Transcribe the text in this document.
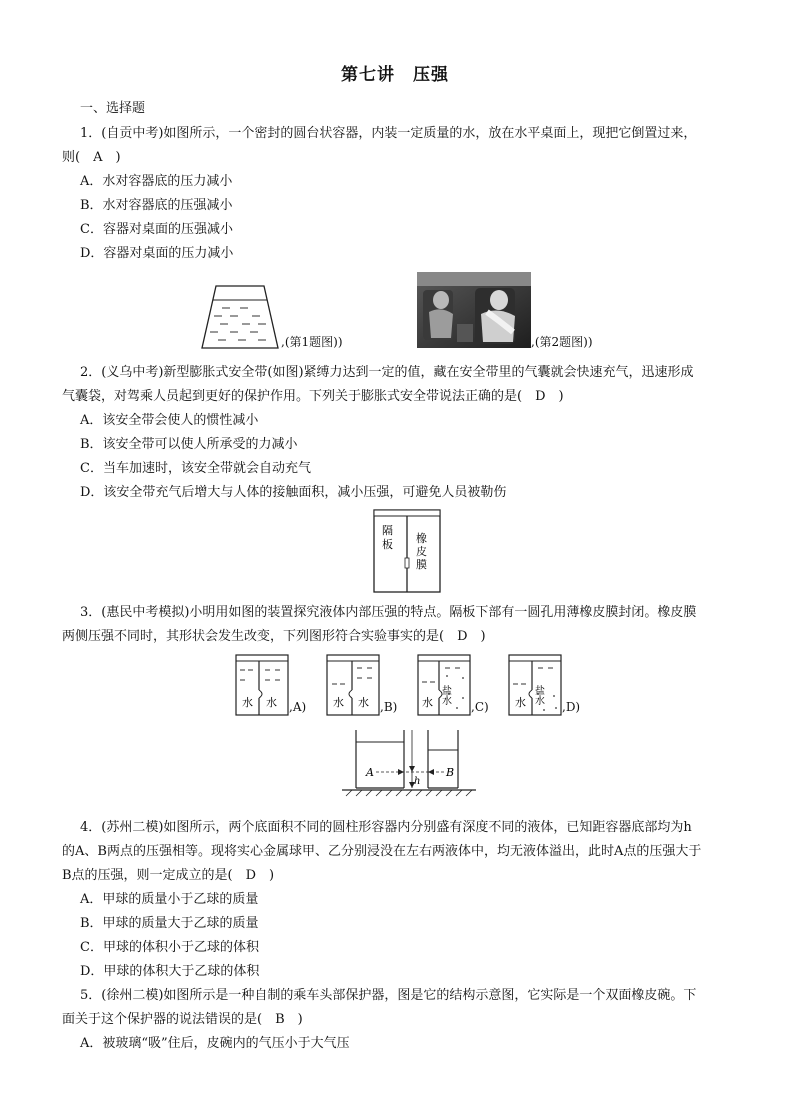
第七讲　压强
一、选择题
1．(自贡中考)如图所示，一个密封的圆台状容器，内装一定质量的水，放在水平桌面上，现把它倒置过来，
则(　A　)
A．水对容器底的压力减小
B．水对容器底的压强减小
C．容器对桌面的压强减小
D．容器对桌面的压力减小
,(第1题图))	,(第2题图))
2．(义乌中考)新型膨胀式安全带(如图)紧缚力达到一定的值，藏在安全带里的气囊就会快速充气，迅速形成
气囊袋，对驾乘人员起到更好的保护作用。下列关于膨胀式安全带说法正确的是(　D　)
A．该安全带会使人的惯性减小
B．该安全带可以使人所承受的力减小
C．当车加速时，该安全带就会自动充气
D．该安全带充气后增大与人体的接触面积，减小压强，可避免人员被勒伤
隔
板 橡
皮
膜
3．(惠民中考模拟)小明用如图的装置探究液体内部压强的特点。隔板下部有一圆孔用薄橡皮膜封闭。橡皮膜
两侧压强不同时，其形状会发生改变，下列图形符合实验事实的是(　D　)
水 水 ,A) 水 水 ,B) 水 盐水
,C) 水 盐水
,D)
A	B
h
4．(苏州二模)如图所示，两个底面积不同的圆柱形容器内分别盛有深度不同的液体，已知距容器底部均为h
的A、B两点的压强相等。现将实心金属球甲、乙分别浸没在左右两液体中，均无液体溢出，此时A点的压强大于
B点的压强，则一定成立的是(　D　)
A．甲球的质量小于乙球的质量
B．甲球的质量大于乙球的质量
C．甲球的体积小于乙球的体积
D．甲球的体积大于乙球的体积
5．(徐州二模)如图所示是一种自制的乘车头部保护器，图是它的结构示意图，它实际是一个双面橡皮碗。下
面关于这个保护器的说法错误的是(　B　)
A．被玻璃“吸”住后，皮碗内的气压小于大气压
